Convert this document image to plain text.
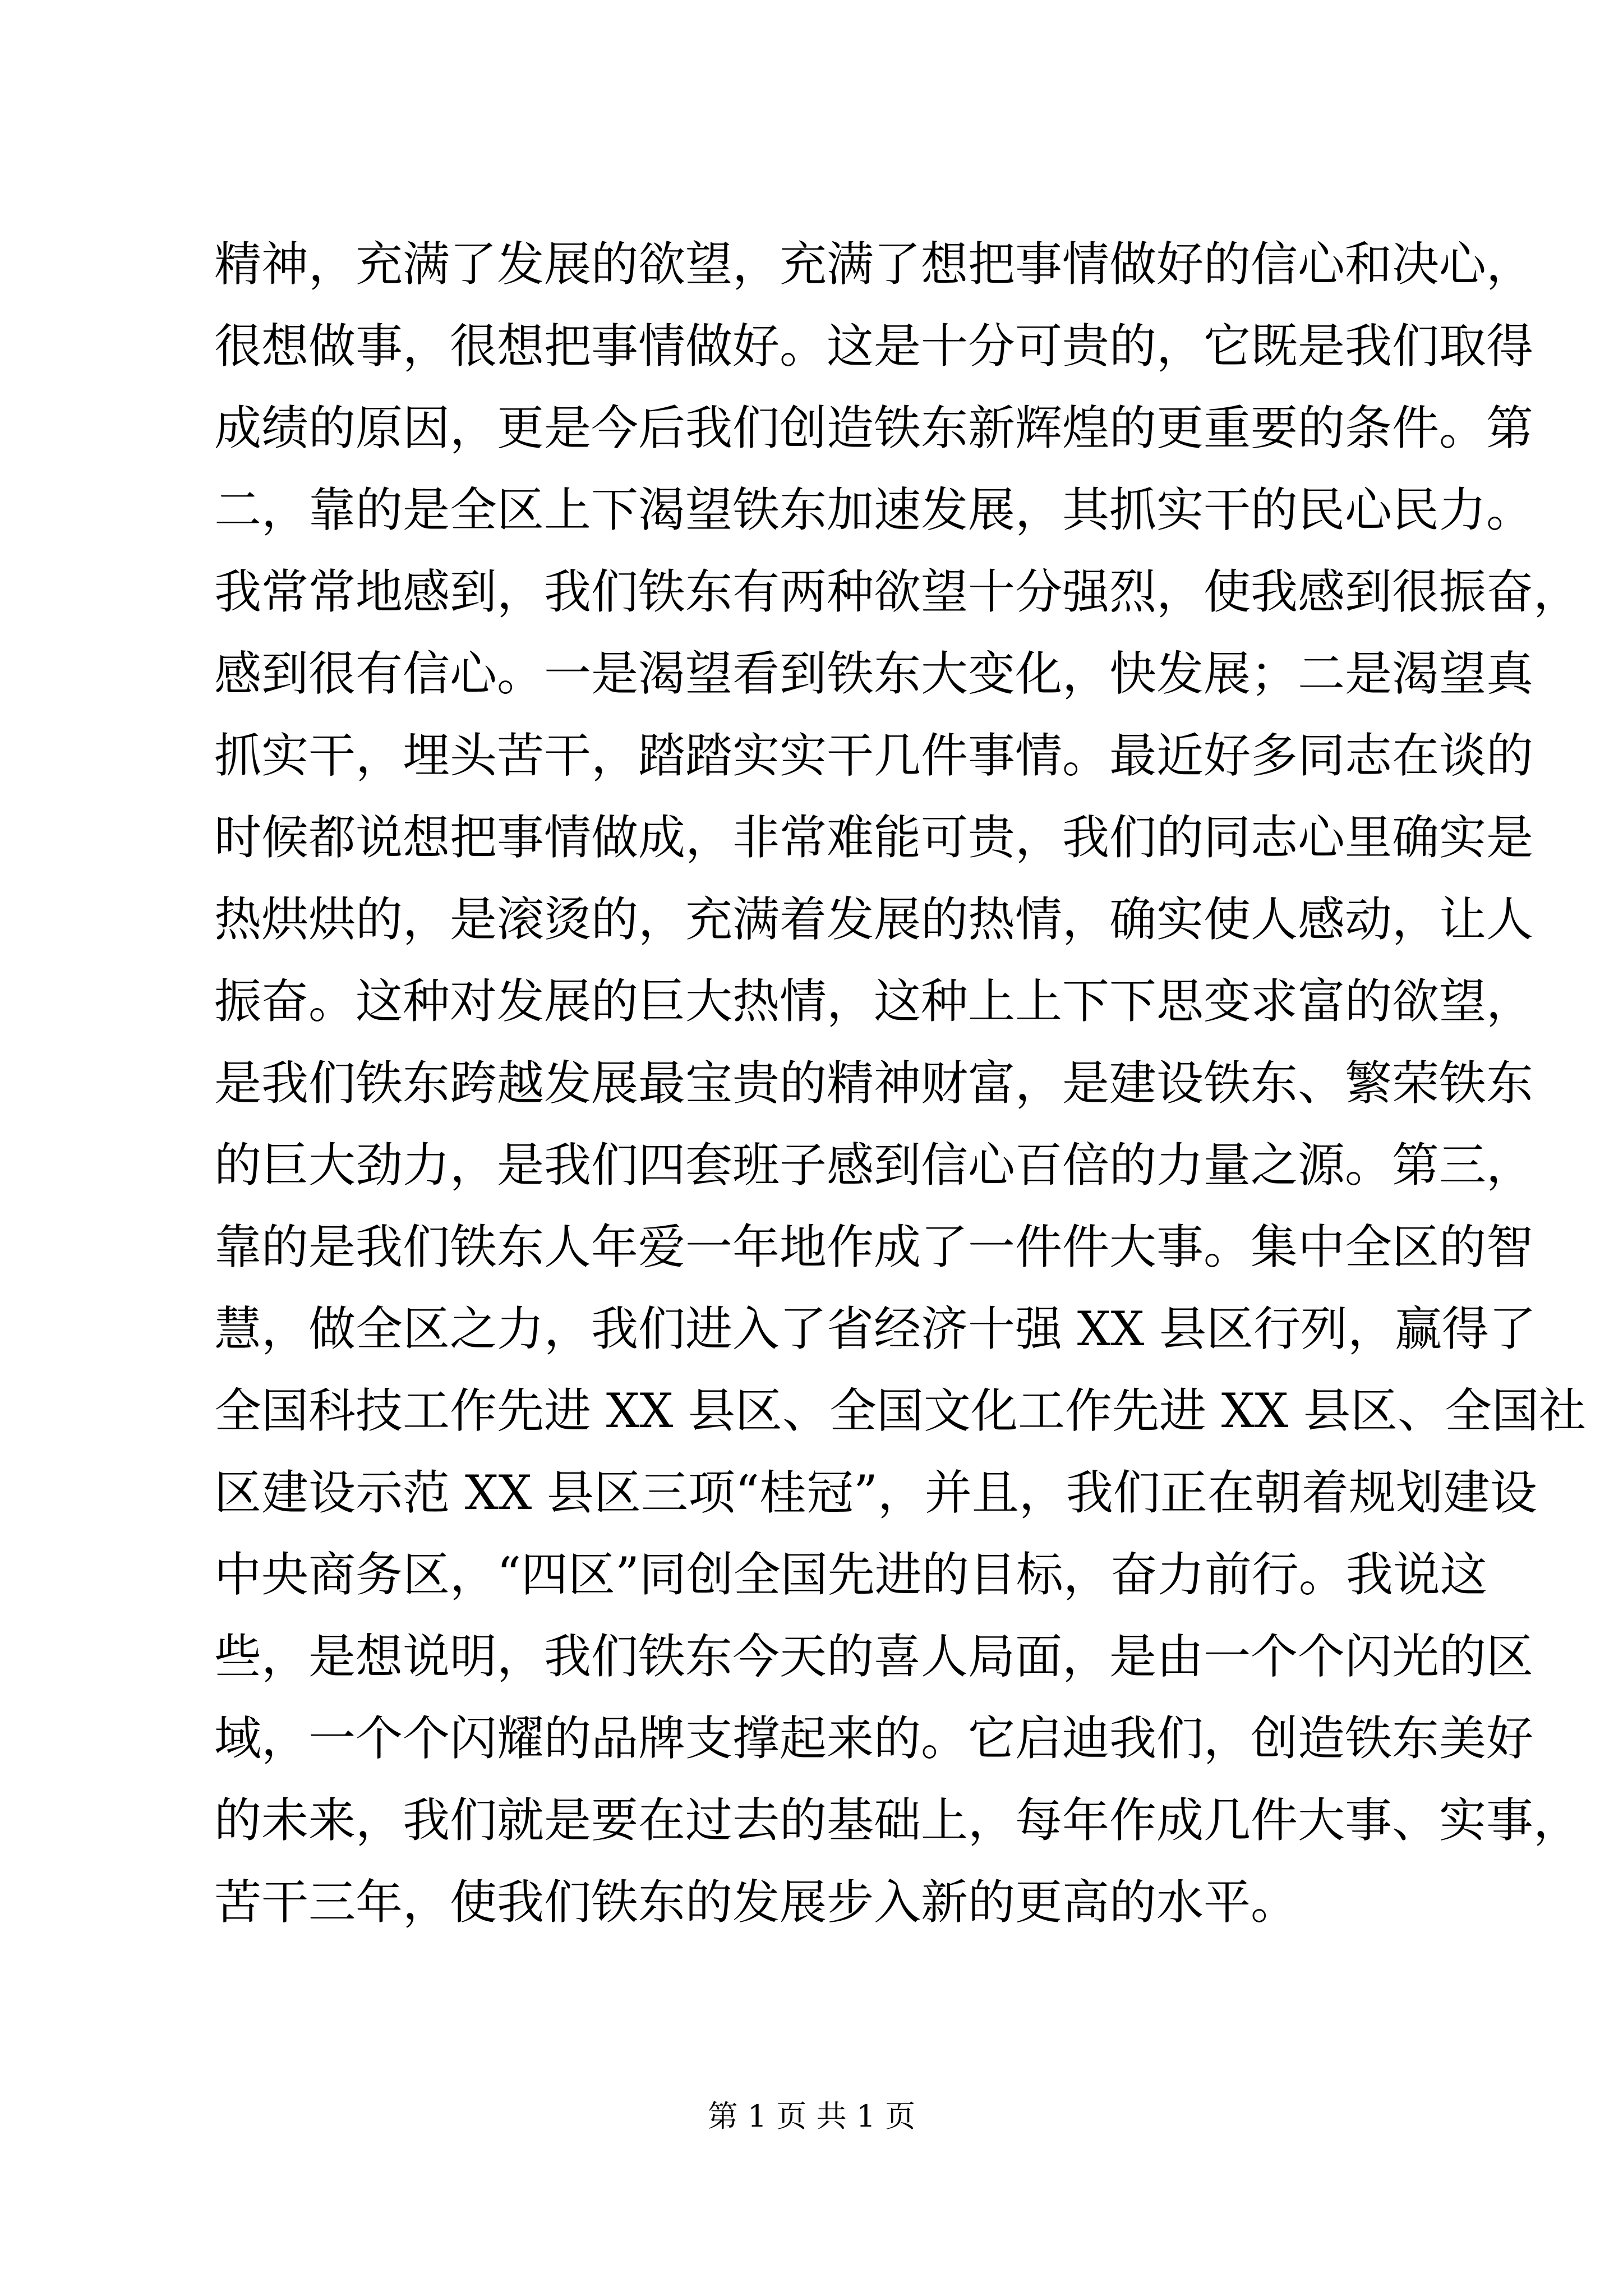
精神，充满了发展的欲望，充满了想把事情做好的信心和决心，
很想做事，很想把事情做好。这是十分可贵的，它既是我们取得
成绩的原因，更是今后我们创造铁东新辉煌的更重要的条件。第
二，靠的是全区上下渴望铁东加速发展，其抓实干的民心民力。
我常常地感到，我们铁东有两种欲望十分强烈，使我感到很振奋，
感到很有信心。一是渴望看到铁东大变化，快发展；二是渴望真
抓实干，埋头苦干，踏踏实实干几件事情。最近好多同志在谈的
时候都说想把事情做成，非常难能可贵，我们的同志心里确实是
热烘烘的，是滚烫的，充满着发展的热情，确实使人感动，让人
振奋。这种对发展的巨大热情，这种上上下下思变求富的欲望，
是我们铁东跨越发展最宝贵的精神财富，是建设铁东、繁荣铁东
的巨大劲力，是我们四套班子感到信心百倍的力量之源。第三，
靠的是我们铁东人年爱一年地作成了一件件大事。集中全区的智
慧，做全区之力，我们进入了省经济十强 XX 县区行列，赢得了
全国科技工作先进 XX 县区、全国文化工作先进 XX 县区、全国社
区建设示范 XX 县区三项“桂冠”，并且，我们正在朝着规划建设
中央商务区，“四区”同创全国先进的目标，奋力前行。我说这
些，是想说明，我们铁东今天的喜人局面，是由一个个闪光的区
域，一个个闪耀的品牌支撑起来的。它启迪我们，创造铁东美好
的未来，我们就是要在过去的基础上，每年作成几件大事、实事，
苦干三年，使我们铁东的发展步入新的更高的水平。
第 1 页 共 1 页
